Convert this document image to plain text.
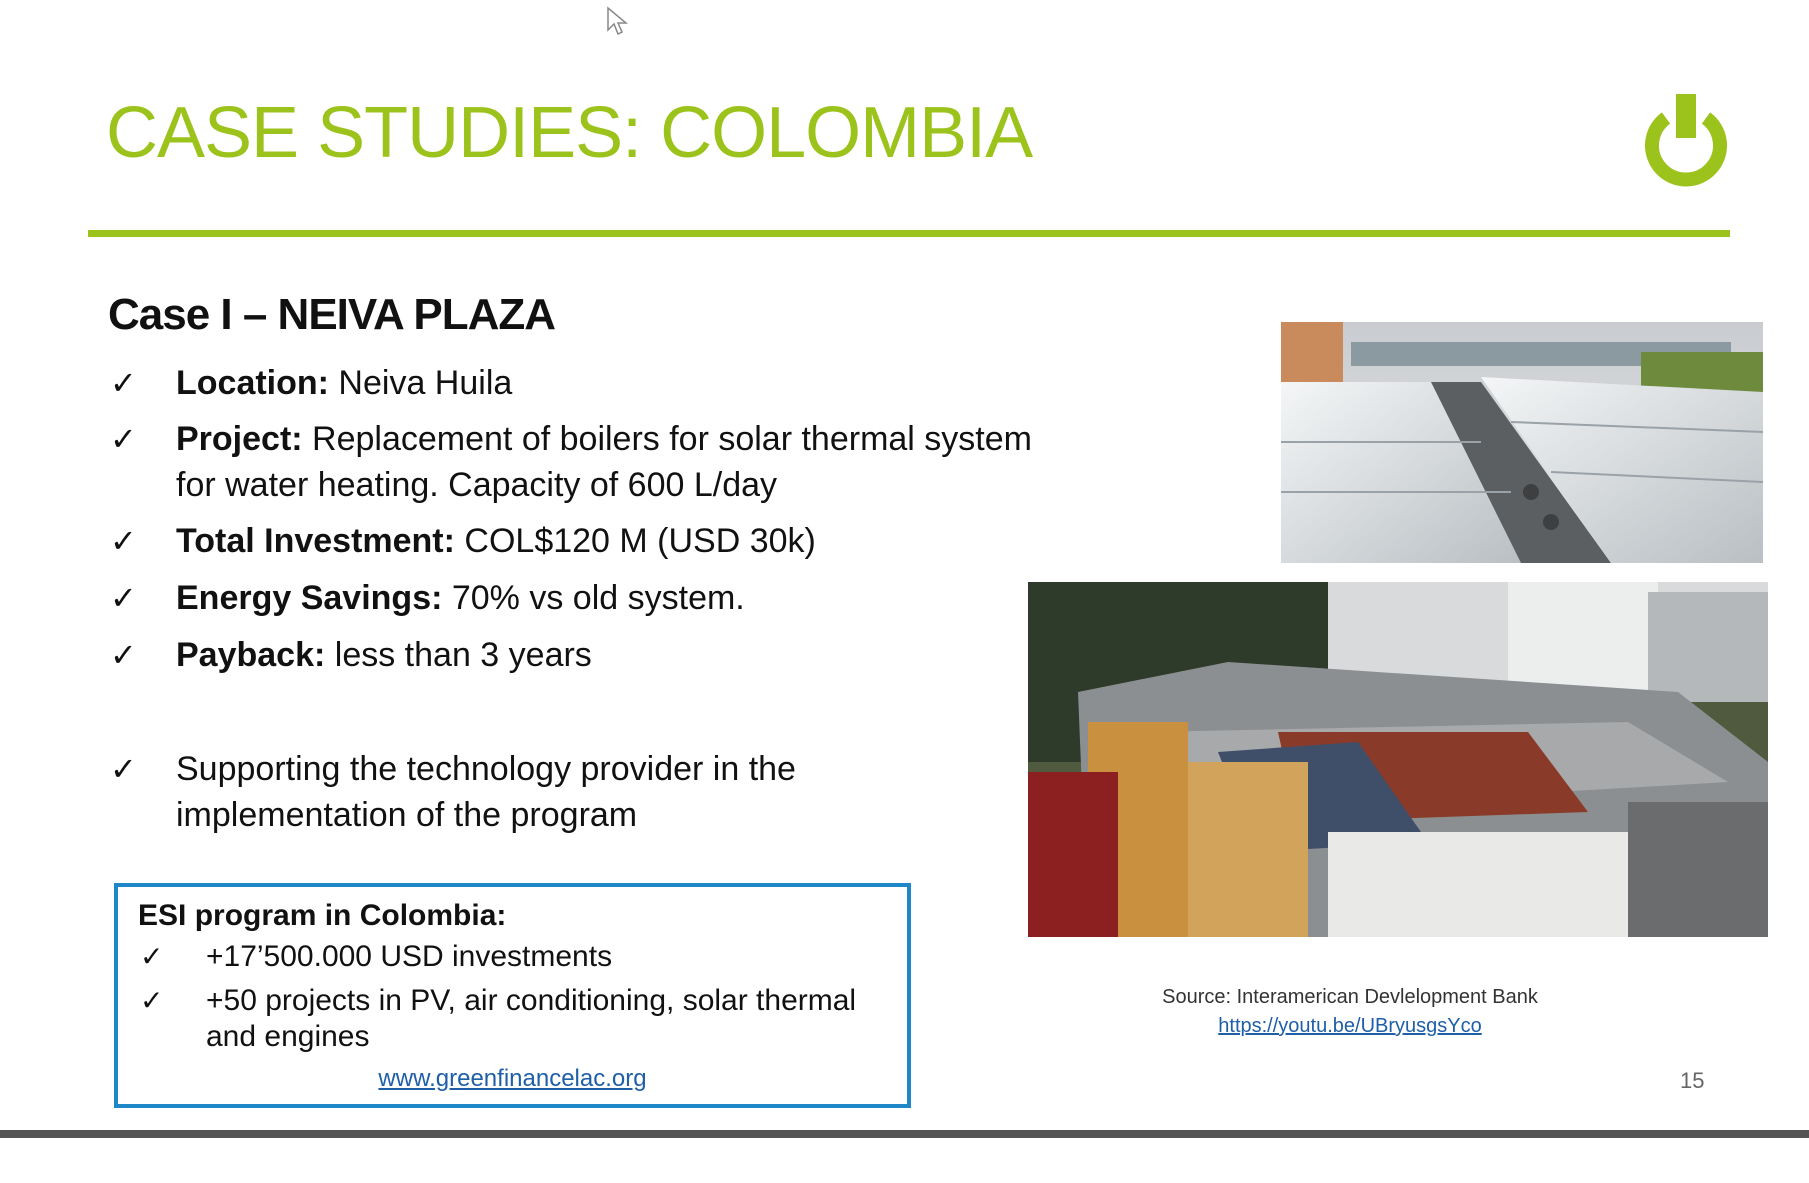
CASE STUDIES: COLOMBIA
Case I – NEIVA PLAZA
✓ Location: Neiva Huila
✓ Project: Replacement of boilers for solar thermal system for water heating. Capacity of 600 L/day
✓ Total Investment: COL$120 M (USD 30k)
✓ Energy Savings: 70% vs old system.
✓ Payback: less than 3 years
✓ Supporting the technology provider in the implementation of the program
ESI program in Colombia:
✓ +17’500.000 USD investments
✓ +50 projects in PV, air conditioning, solar thermal and engines
www.greenfinancelac.org
Source: Interamerican Devlelopment Bank
https://youtu.be/UBryusgsYco
15
